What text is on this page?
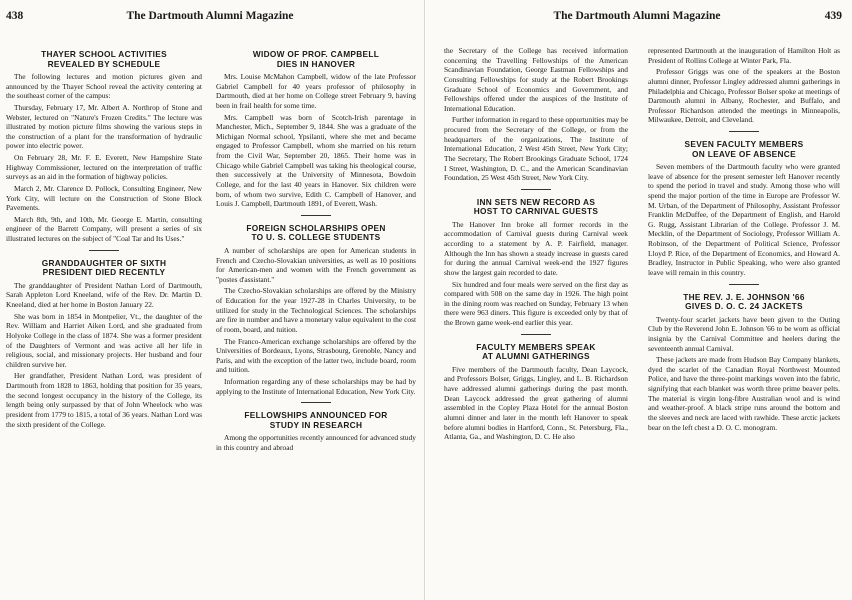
438	The Dartmouth Alumni Magazine
THAYER SCHOOL ACTIVITIES
REVEALED BY SCHEDULE

The following lectures and motion pictures given and announced by the Thayer School reveal the activity centering at the southeast corner of the campus:

Thursday, February 17, Mr. Albert A. Northrop of Stone and Webster, lectured on "Nature's Frozen Credits." The lecture was illustrated by motion picture films showing the various steps in the construction of a plant for the transformation of hydraulic power into electric power.

On February 28, Mr. F. E. Everett, New Hampshire State Highway Commissioner, lectured on the interpretation of traffic surveys as an aid in the formation of highway policies.

March 2, Mr. Clarence D. Pollock, Consulting Engineer, New York City, will lecture on the Construction of Stone Block Pavements.

March 8th, 9th, and 10th, Mr. George E. Martin, consulting engineer of the Barrett Company, will present a series of six illustrated lectures on the subject of "Coal Tar and Its Uses."

GRANDDAUGHTER OF SIXTH
PRESIDENT DIED RECENTLY

The granddaughter of President Nathan Lord of Dartmouth, Sarah Appleton Lord Kneeland, wife of the Rev. Dr. Martin D. Kneeland, died at her home in Boston January 22.

She was born in 1854 in Montpelier, Vt., the daughter of the Rev. William and Harriet Aiken Lord, and she graduated from Holyoke College in the class of 1874. She was a former president of the Daughters of Vermont and was active all her life in religious, social, and missionary projects. Her husband and four children survive her.

Her grandfather, President Nathan Lord, was president of Dartmouth from 1828 to 1863, holding that position for 35 years, the second longest occupancy in the history of the College, its length being only surpassed by that of John Wheelock who was president from 1779 to 1815, a total of 36 years. Nathan Lord was the sixth president of the College.

WIDOW OF PROF. CAMPBELL
DIES IN HANOVER

Mrs. Louise McMahon Campbell, widow of the late Professor Gabriel Campbell for 40 years professor of philosophy in Dartmouth, died at her home on College street February 9, having been in frail health for some time.

Mrs. Campbell was born of Scotch-Irish parentage in Manchester, Mich., September 9, 1844. She was a graduate of the Michigan Normal school, Ypsilanti, where she met and became engaged to Professor Campbell, whom she married on his return from the Civil War, September 20, 1865. Their home was in Chicago while Gabriel Campbell was taking his theological course, then successively at the University of Minnesota, Bowdoin College, and for the last 40 years in Hanover. Six children were born, of whom two survive, Edith C. Campbell of Hanover, and Louis J. Campbell, Dartmouth 1891, of Everett, Wash.

FOREIGN SCHOLARSHIPS OPEN
TO U. S. COLLEGE STUDENTS

A number of scholarships are open for American students in French and Czecho-Slovakian universities, as well as 10 positions for American-men and women with the French government as "postes d'assistant."

The Czecho-Slovakian scholarships are offered by the Ministry of Education for the year 1927-28 in Charles University, to be utilized for study in the Technological Sciences. The scholarships are fire in number and have a monetary value equivalent to the cost of room, board, and tuition.

The Franco-American exchange scholarships are offered by the Universities of Bordeaux, Lyons, Strasbourg, Grenoble, Nancy and Paris, and with the exception of the latter two, include board, room and tuition.

Information regarding any of these scholarships may be had by applying to the Institute of International Education, New York City.

FELLOWSHIPS ANNOUNCED FOR
STUDY IN RESEARCH

Among the opportunities recently announced for advanced study in this country and abroad

439
The Dartmouth Alumni Magazine

the Secretary of the College has received information concerning the Travelling Fellowships of the American Scandinavian Foundation, George Eastman Fellowships and Consulting Fellowships for study at the Robert Brookings Graduate School of Economics and Government, and Fellowships offered under the auspices of the Institute of International Education.

Further information in regard to these opportunities may be procured from the Secretary of the College, or from the headquarters of the organizations, The Institute of International Education, 2 West 45th Street, New York City; The Secretary, The Robert Brookings Graduate School, 1724 I Street, Washington, D. C., and the American Scandinavian Foundation, 25 West 45th Street, New York City.

INN SETS NEW RECORD AS
HOST TO CARNIVAL GUESTS

The Hanover Inn broke all former records in the accommodation of Carnival guests during Carnival week according to a statement by A. P. Fairfield, manager. Although the Inn has shown a steady increase in guests cared for during the annual Carnival week-end the 1927 figures show the largest gain recorded to date.

Six hundred and four meals were served on the first day as compared with 508 on the same day in 1926. The high point in the dining room was reached on Sunday, February 13 when there were 963 diners. This figure is exceeded only by that of the Brown game week-end earlier this year.

FACULTY MEMBERS SPEAK
AT ALUMNI GATHERINGS

Five members of the Dartmouth faculty, Dean Laycock, and Professors Bolser, Griggs, Lingley, and L. B. Richardson have addressed alumni gatherings during the past month. Dean Laycock addressed the great gathering of alumni assembled in the Copley Plaza Hotel for the annual Boston alumni dinner and later in the month left Hanover to speak before alumni bodies in Hartford, Conn., St. Petersburg, Fla., Atlanta, Ga., and Washington, D. C. He also

represented Dartmouth at the inauguration of Hamilton Holt as President of Rollins College at Winter Park, Fla.

Professor Griggs was one of the speakers at the Boston alumni dinner, Professor Lingley addressed alumni gatherings in Philadelphia and Chicago, Professor Bolser spoke at meetings of Dartmouth alumni in Albany, Rochester, and Buffalo, and Professor Richardson attended the meetings in Minneapolis, Milwaukee, Detroit, and Cleveland.

SEVEN FACULTY MEMBERS
ON LEAVE OF ABSENCE

Seven members of the Dartmouth faculty who were granted leave of absence for the present semester left Hanover recently to spend the period in travel and study. Among those who will spend the major portion of the time in Europe are Professor W. M. Urban, of the Department of Philosophy, Assistant Professor Franklin McDuffee, of the Department of English, and Harold G. Rugg, Assistant Librarian of the College. Professor J. M. Mecklin, of the Department of Sociology, Professor William A. Robinson, of the Department of Political Science, Professor Lloyd P. Rice, of the Department of Economics, and Howard A. Bradley, Instructor in Public Speaking, who were also granted leave will remain in this country.

THE REV. J. E. JOHNSON '66
GIVES D. O. C. 24 JACKETS

Twenty-four scarlet jackets have been given to the Outing Club by the Reverend John E. Johnson '66 to be worn as official insignia by the Carnival Committee and heelers during the seventeenth annual Carnival.

These jackets are made from Hudson Bay Company blankets, dyed the scarlet of the Canadian Royal Northwest Mounted Police, and have the three-point markings woven into the fabric, signifying that each blanket was worth three prime beaver pelts. The material is virgin long-fibre Australian wool and is wind and weather-proof. A black stripe runs around the bottom and the sleeves and neck are laced with rawhide. These arctic jackets bear on the left chest a D. O. C. monogram.
